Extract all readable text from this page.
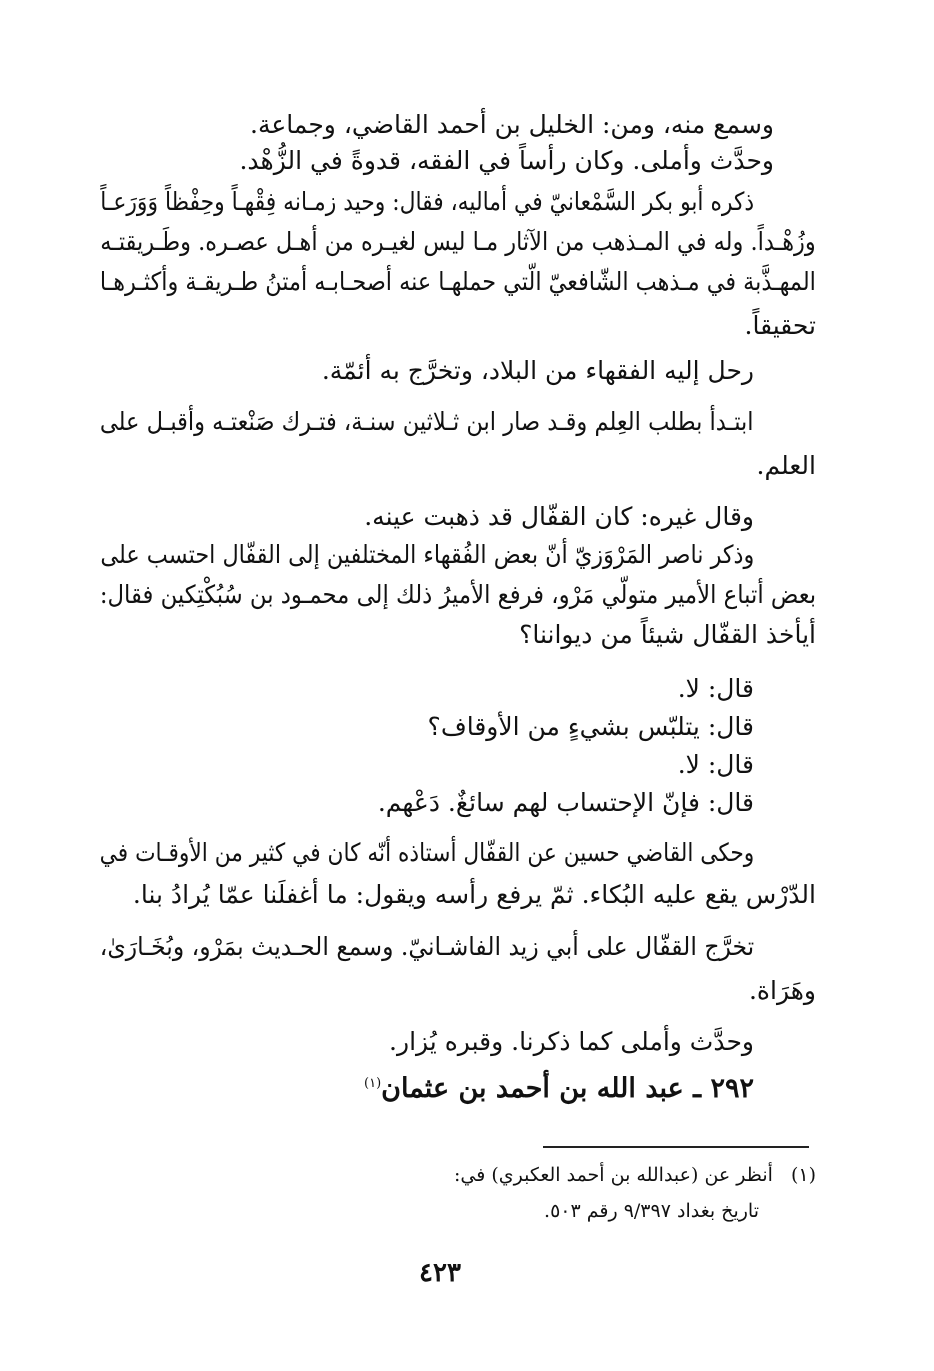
وسمع منه، ومن: الخليل بن أحمد القاضي، وجماعة.
وحدَّث وأملى. وكان رأساً في الفقه، قدوةً في الزُّهْد.
ذكره أبو بكر السَّمْعانيّ في أماليه، فقال: وحيد زمـانه فِقْهـاً وحِفْظاً وَوَرَعـاً
وزُهْـداً. وله في المـذهب من الآثار مـا ليس لغيـره من أهـل عصـره. وطَـريقتـه
المهـذَّبة في مـذهب الشّافعيّ الّتي حملهـا عنه أصحـابـه أمتنُ طـريقـة وأكثـرهـا
تحقيقاً.
رحل إليه الفقهاء من البلاد، وتخرَّج به أئمّة.
ابتـدأ بطلب العِلم وقـد صار ابن ثـلاثين سنـة، فتـرك صَنْعتـه وأقبـل على
العلم.
وقال غيره: كان القفّال قد ذهبت عينه.
وذكر ناصر المَرْوَزيّ أنّ بعض الفُقهاء المختلفين إلى القفّال احتسب على
بعض أتباع الأمير متولّي مَرْو، فرفع الأميرُ ذلك إلى محمـود بن سُبُكْتِكين فقال:
أيأخذ القفّال شيئاً من ديواننا؟
قال: لا.
قال: يتلبّس بشيءٍ من الأوقاف؟
قال: لا.
قال: فإنّ الإحتساب لهم سائغٌ. دَعْهم.
وحكى القاضي حسين عن القفّال أستاذه أنّه كان في كثير من الأوقـات في
الدّرْس يقع عليه البُكاء. ثمّ يرفع رأسه ويقول: ما أغفلَنا عمّا يُرادُ بنا.
تخرَّج القفّال على أبي زيد الفاشـانيّ. وسمع الحـديث بمَرْو، وبُخَـارَىٰ،
وهَرَاة.
وحدَّث وأملى كما ذكرنا. وقبره يُزار.
٢٩٢ ـ عبد الله بن أحمد بن عثمان$^{(١)}$
(١)أنظر عن (عبدالله بن أحمد العكبري) في:
تاريخ بغداد ٩/٣٩٧ رقم ٥٠٣.
٤٢٣
